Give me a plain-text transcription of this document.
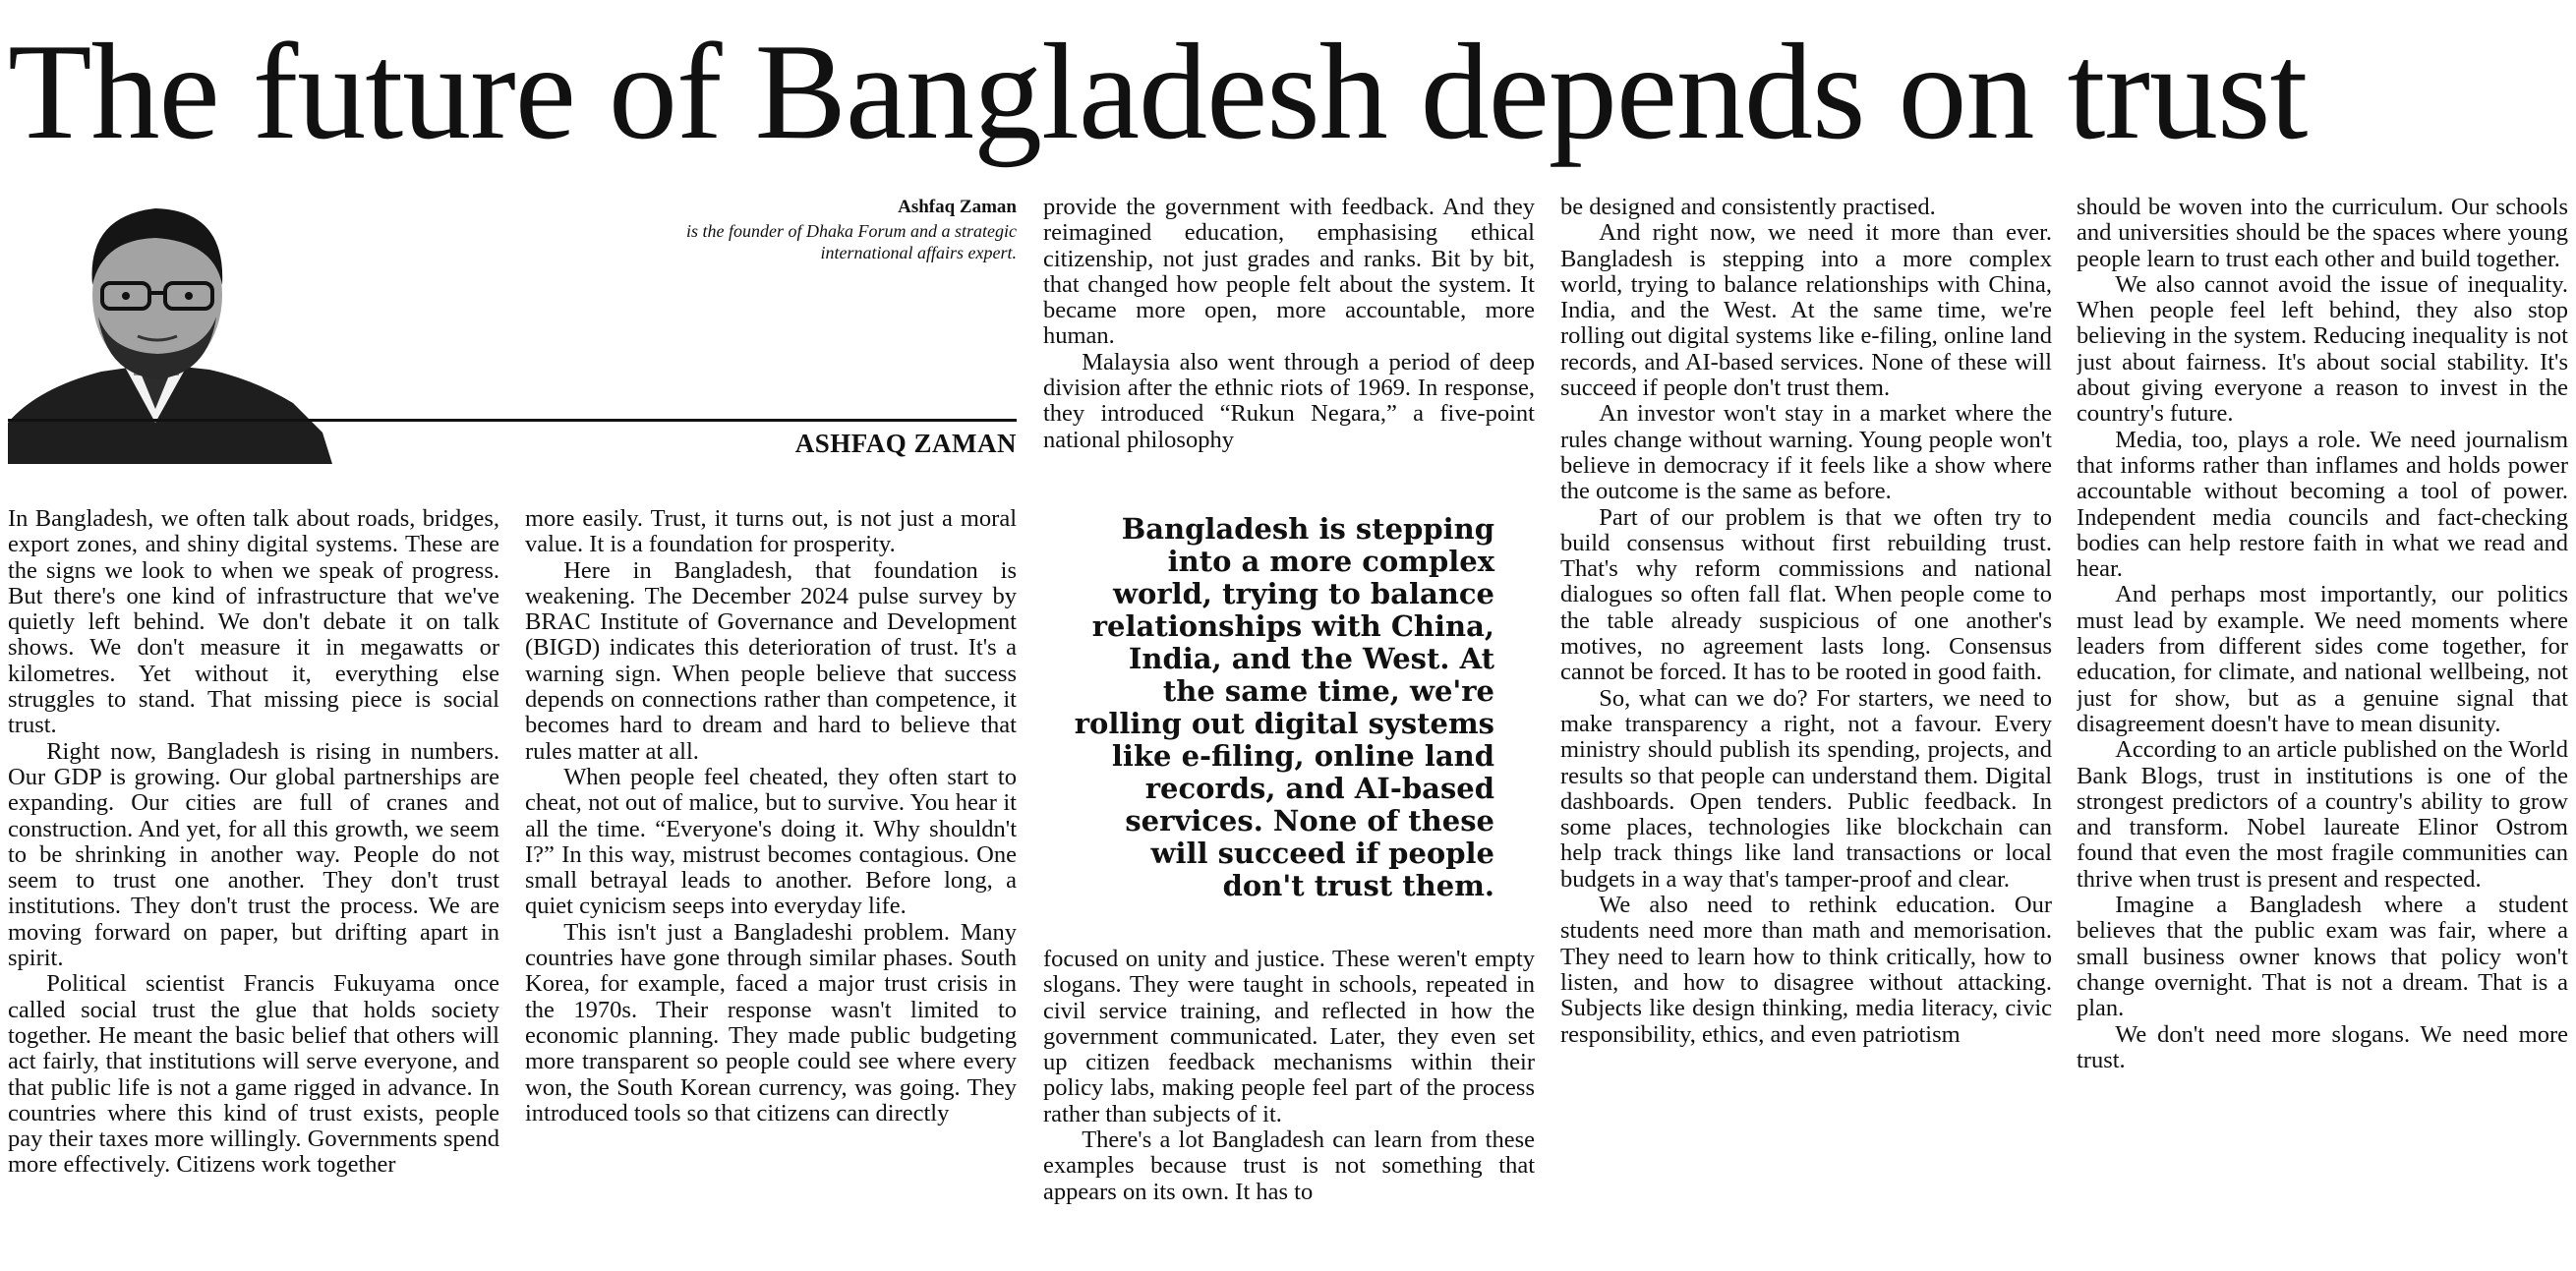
The future of Bangladesh depends on trust
Ashfaq Zaman
is the founder of Dhaka Forum and a strategic international affairs expert.
ASHFAQ ZAMAN
Bangladesh is stepping into a more complex world, trying to balance relationships with China, India, and the West. At the same time, we're rolling out digital systems like e-filing, online land records, and AI-based services. None of these will succeed if people don't trust them.

In Bangladesh, we often talk about roads, bridges, export zones, and shiny digital systems. These are the signs we look to when we speak of progress. But there's one kind of infrastructure that we've quietly left behind. We don't debate it on talk shows. We don't measure it in megawatts or kilometres. Yet without it, everything else struggles to stand. That missing piece is social trust.

Right now, Bangladesh is rising in numbers. Our GDP is growing. Our global partnerships are expanding. Our cities are full of cranes and construction. And yet, for all this growth, we seem to be shrinking in another way. People do not seem to trust one another. They don't trust institutions. They don't trust the process. We are moving forward on paper, but drifting apart in spirit.

Political scientist Francis Fukuyama once called social trust the glue that holds society together. He meant the basic belief that others will act fairly, that institutions will serve everyone, and that public life is not a game rigged in advance. In countries where this kind of trust exists, people pay their taxes more willingly. Governments spend more effectively. Citizens work together

more easily. Trust, it turns out, is not just a moral value. It is a foundation for prosperity.

Here in Bangladesh, that foundation is weakening. The December 2024 pulse survey by BRAC Institute of Governance and Development (BIGD) indicates this deterioration of trust. It's a warning sign. When people believe that success depends on connections rather than competence, it becomes hard to dream and hard to believe that rules matter at all.

When people feel cheated, they often start to cheat, not out of malice, but to survive. You hear it all the time. “Everyone's doing it. Why shouldn't I?” In this way, mistrust becomes contagious. One small betrayal leads to another. Before long, a quiet cynicism seeps into everyday life.

This isn't just a Bangladeshi problem. Many countries have gone through similar phases. South Korea, for example, faced a major trust crisis in the 1970s. Their response wasn't limited to economic planning. They made public budgeting more transparent so people could see where every won, the South Korean currency, was going. They introduced tools so that citizens can directly

provide the government with feedback. And they reimagined education, emphasising ethical citizenship, not just grades and ranks. Bit by bit, that changed how people felt about the system. It became more open, more accountable, more human.

Malaysia also went through a period of deep division after the ethnic riots of 1969. In response, they introduced “Rukun Negara,” a five-point national philosophy

focused on unity and justice. These weren't empty slogans. They were taught in schools, repeated in civil service training, and reflected in how the government communicated. Later, they even set up citizen feedback mechanisms within their policy labs, making people feel part of the process rather than subjects of it.

There's a lot Bangladesh can learn from these examples because trust is not something that appears on its own. It has to

be designed and consistently practised.

And right now, we need it more than ever. Bangladesh is stepping into a more complex world, trying to balance relationships with China, India, and the West. At the same time, we're rolling out digital systems like e-filing, online land records, and AI-based services. None of these will succeed if people don't trust them.

An investor won't stay in a market where the rules change without warning. Young people won't believe in democracy if it feels like a show where the outcome is the same as before.

Part of our problem is that we often try to build consensus without first rebuilding trust. That's why reform commissions and national dialogues so often fall flat. When people come to the table already suspicious of one another's motives, no agreement lasts long. Consensus cannot be forced. It has to be rooted in good faith.

So, what can we do? For starters, we need to make transparency a right, not a favour. Every ministry should publish its spending, projects, and results so that people can understand them. Digital dashboards. Open tenders. Public feedback. In some places, technologies like blockchain can help track things like land transactions or local budgets in a way that's tamper-proof and clear.

We also need to rethink education. Our students need more than math and memorisation. They need to learn how to think critically, how to listen, and how to disagree without attacking. Subjects like design thinking, media literacy, civic responsibility, ethics, and even patriotism

should be woven into the curriculum. Our schools and universities should be the spaces where young people learn to trust each other and build together.

We also cannot avoid the issue of inequality. When people feel left behind, they also stop believing in the system. Reducing inequality is not just about fairness. It's about social stability. It's about giving everyone a reason to invest in the country's future.

Media, too, plays a role. We need journalism that informs rather than inflames and holds power accountable without becoming a tool of power. Independent media councils and fact-checking bodies can help restore faith in what we read and hear.

And perhaps most importantly, our politics must lead by example. We need moments where leaders from different sides come together, for education, for climate, and national wellbeing, not just for show, but as a genuine signal that disagreement doesn't have to mean disunity.

According to an article published on the World Bank Blogs, trust in institutions is one of the strongest predictors of a country's ability to grow and transform. Nobel laureate Elinor Ostrom found that even the most fragile communities can thrive when trust is present and respected.

Imagine a Bangladesh where a student believes that the public exam was fair, where a small business owner knows that policy won't change overnight. That is not a dream. That is a plan.

We don't need more slogans. We need more trust.
